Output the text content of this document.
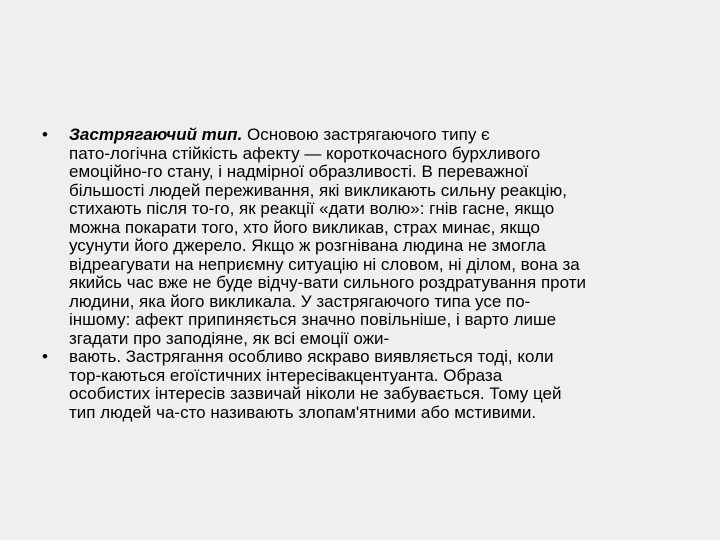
• Застрягаючий тип. Основою застрягаючого типу є
пато-логічна стійкість афекту — короткочасного бурхливого
емоційно-го стану, і надмірної образливості. В переважної
більшості людей переживання, які викликають сильну реакцію,
стихають після то-го, як реакції «дати волю»: гнів гасне, якщо
можна покарати того, хто його викликав, страх минає, якщо
усунути його джерело. Якщо ж розгнівана людина не змогла
відреагувати на неприємну ситуацію ні словом, ні ділом, вона за
якийсь час вже не буде відчу-вати сильного роздратування проти
людини, яка його викликала. У застрягаючого типа усе по-
іншому: афект припиняється значно повільніше, і варто лише
згадати про заподіяне, як всі емоції ожи-
• вають. Застрягання особливо яскраво виявляється тоді, коли
тор-каються егоїстичних інтересівакцентуанта. Образа
особистих інтересів зазвичай ніколи не забувається. Тому цей
тип людей ча-сто називають злопам'ятними або мстивими.
